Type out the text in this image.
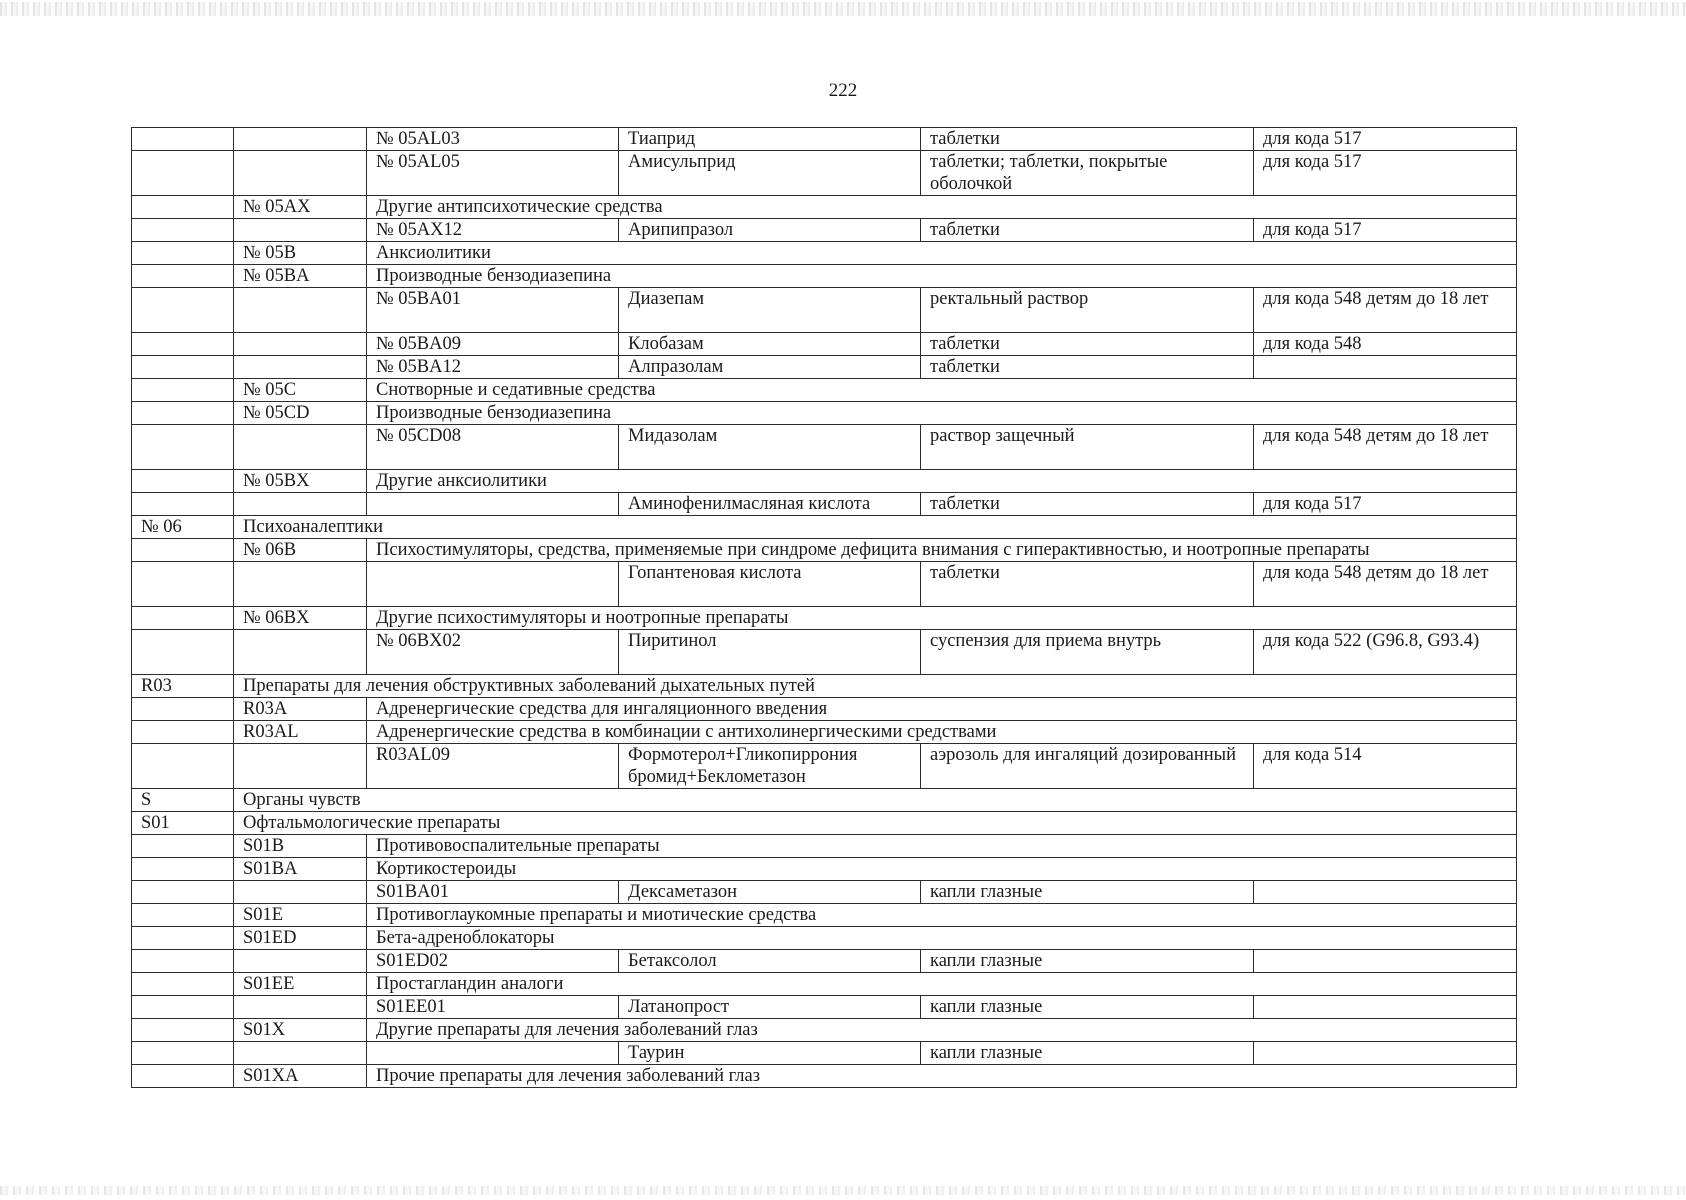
222
		№ 05AL03	Тиаприд	таблетки	для кода 517
		№ 05AL05	Амисульприд	таблетки; таблетки, покрытые оболочкой	для кода 517
	№ 05AX	Другие антипсихотические средства			
		№ 05AX12	Арипипразол	таблетки	для кода 517
	№ 05B	Анксиолитики			
	№ 05BA	Производные бензодиазепина			
		№ 05BA01	Диазепам	ректальный раствор	для кода 548 детям до 18 лет
		№ 05BA09	Клобазам	таблетки	для кода 548
		№ 05BA12	Алпразолам	таблетки	
	№ 05C	Снотворные и седативные средства			
	№ 05CD	Производные бензодиазепина			
		№ 05CD08	Мидазолам	раствор защечный	для кода 548 детям до 18 лет
	№ 05BX	Другие анксиолитики			
			Аминофенилмасляная кислота	таблетки	для кода 517
№ 06	Психоаналептики				
	№ 06B	Психостимуляторы, средства, применяемые при синдроме дефицита внимания с гиперактивностью, и ноотропные препараты			
			Гопантеновая кислота	таблетки	для кода 548 детям до 18 лет
	№ 06BX	Другие психостимуляторы и ноотропные препараты			
		№ 06BX02	Пиритинол	суспензия для приема внутрь	для кода 522 (G96.8, G93.4)
R03	Препараты для лечения обструктивных заболеваний дыхательных путей				
	R03A	Адренергические средства для ингаляционного введения			
	R03AL	Адренергические средства в комбинации с антихолинергическими средствами			
		R03AL09	Формотерол+Гликопиррония бромид+Беклометазон	аэрозоль для ингаляций дозированный	для кода 514
S	Органы чувств				
S01	Офтальмологические препараты				
	S01B	Противовоспалительные препараты			
	S01BA	Кортикостероиды			
		S01BA01	Дексаметазон	капли глазные	
	S01E	Противоглаукомные препараты и миотические средства			
	S01ED	Бета-адреноблокаторы			
		S01ED02	Бетаксолол	капли глазные	
	S01EE	Простагландин аналоги			
		S01EE01	Латанопрост	капли глазные	
	S01X	Другие препараты для лечения заболеваний глаз			
			Таурин	капли глазные	
	S01XA	Прочие препараты для лечения заболеваний глаз			
